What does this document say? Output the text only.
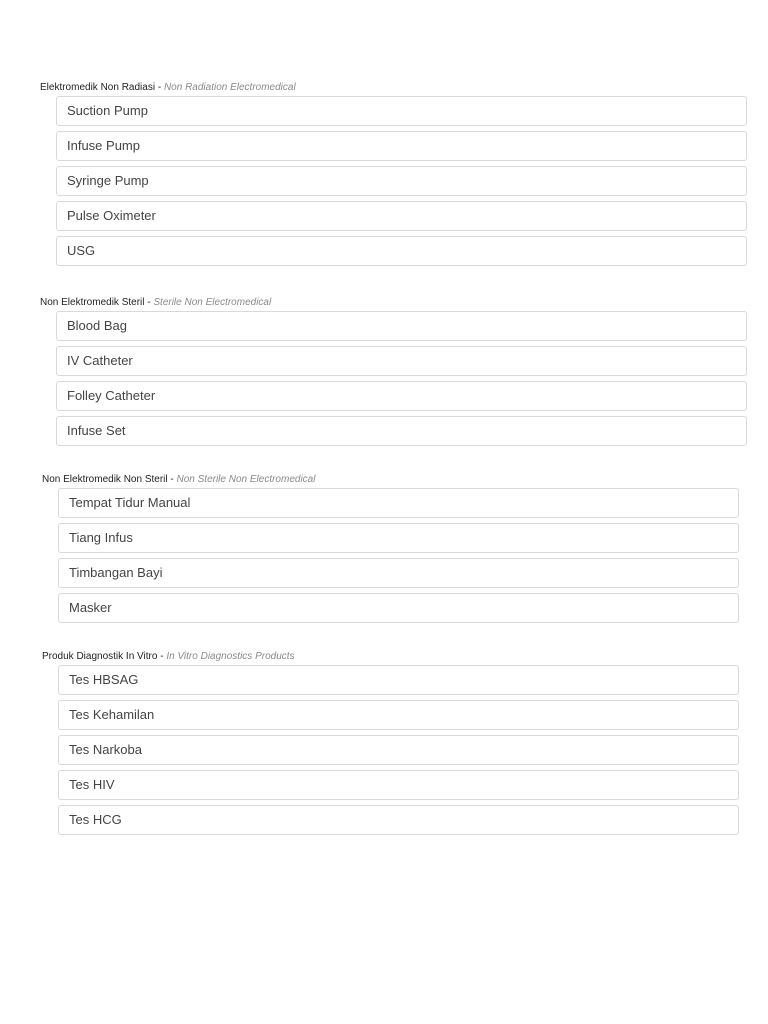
Elektromedik Non Radiasi - Non Radiation Electromedical
Suction Pump
Infuse Pump
Syringe Pump
Pulse Oximeter
USG
Non Elektromedik Steril - Sterile Non Electromedical
Blood Bag
IV Catheter
Folley Catheter
Infuse Set
Non Elektromedik Non Steril - Non Sterile Non Electromedical
Tempat Tidur Manual
Tiang Infus
Timbangan Bayi
Masker
Produk Diagnostik In Vitro - In Vitro Diagnostics Products
Tes HBSAG
Tes Kehamilan
Tes Narkoba
Tes HIV
Tes HCG
